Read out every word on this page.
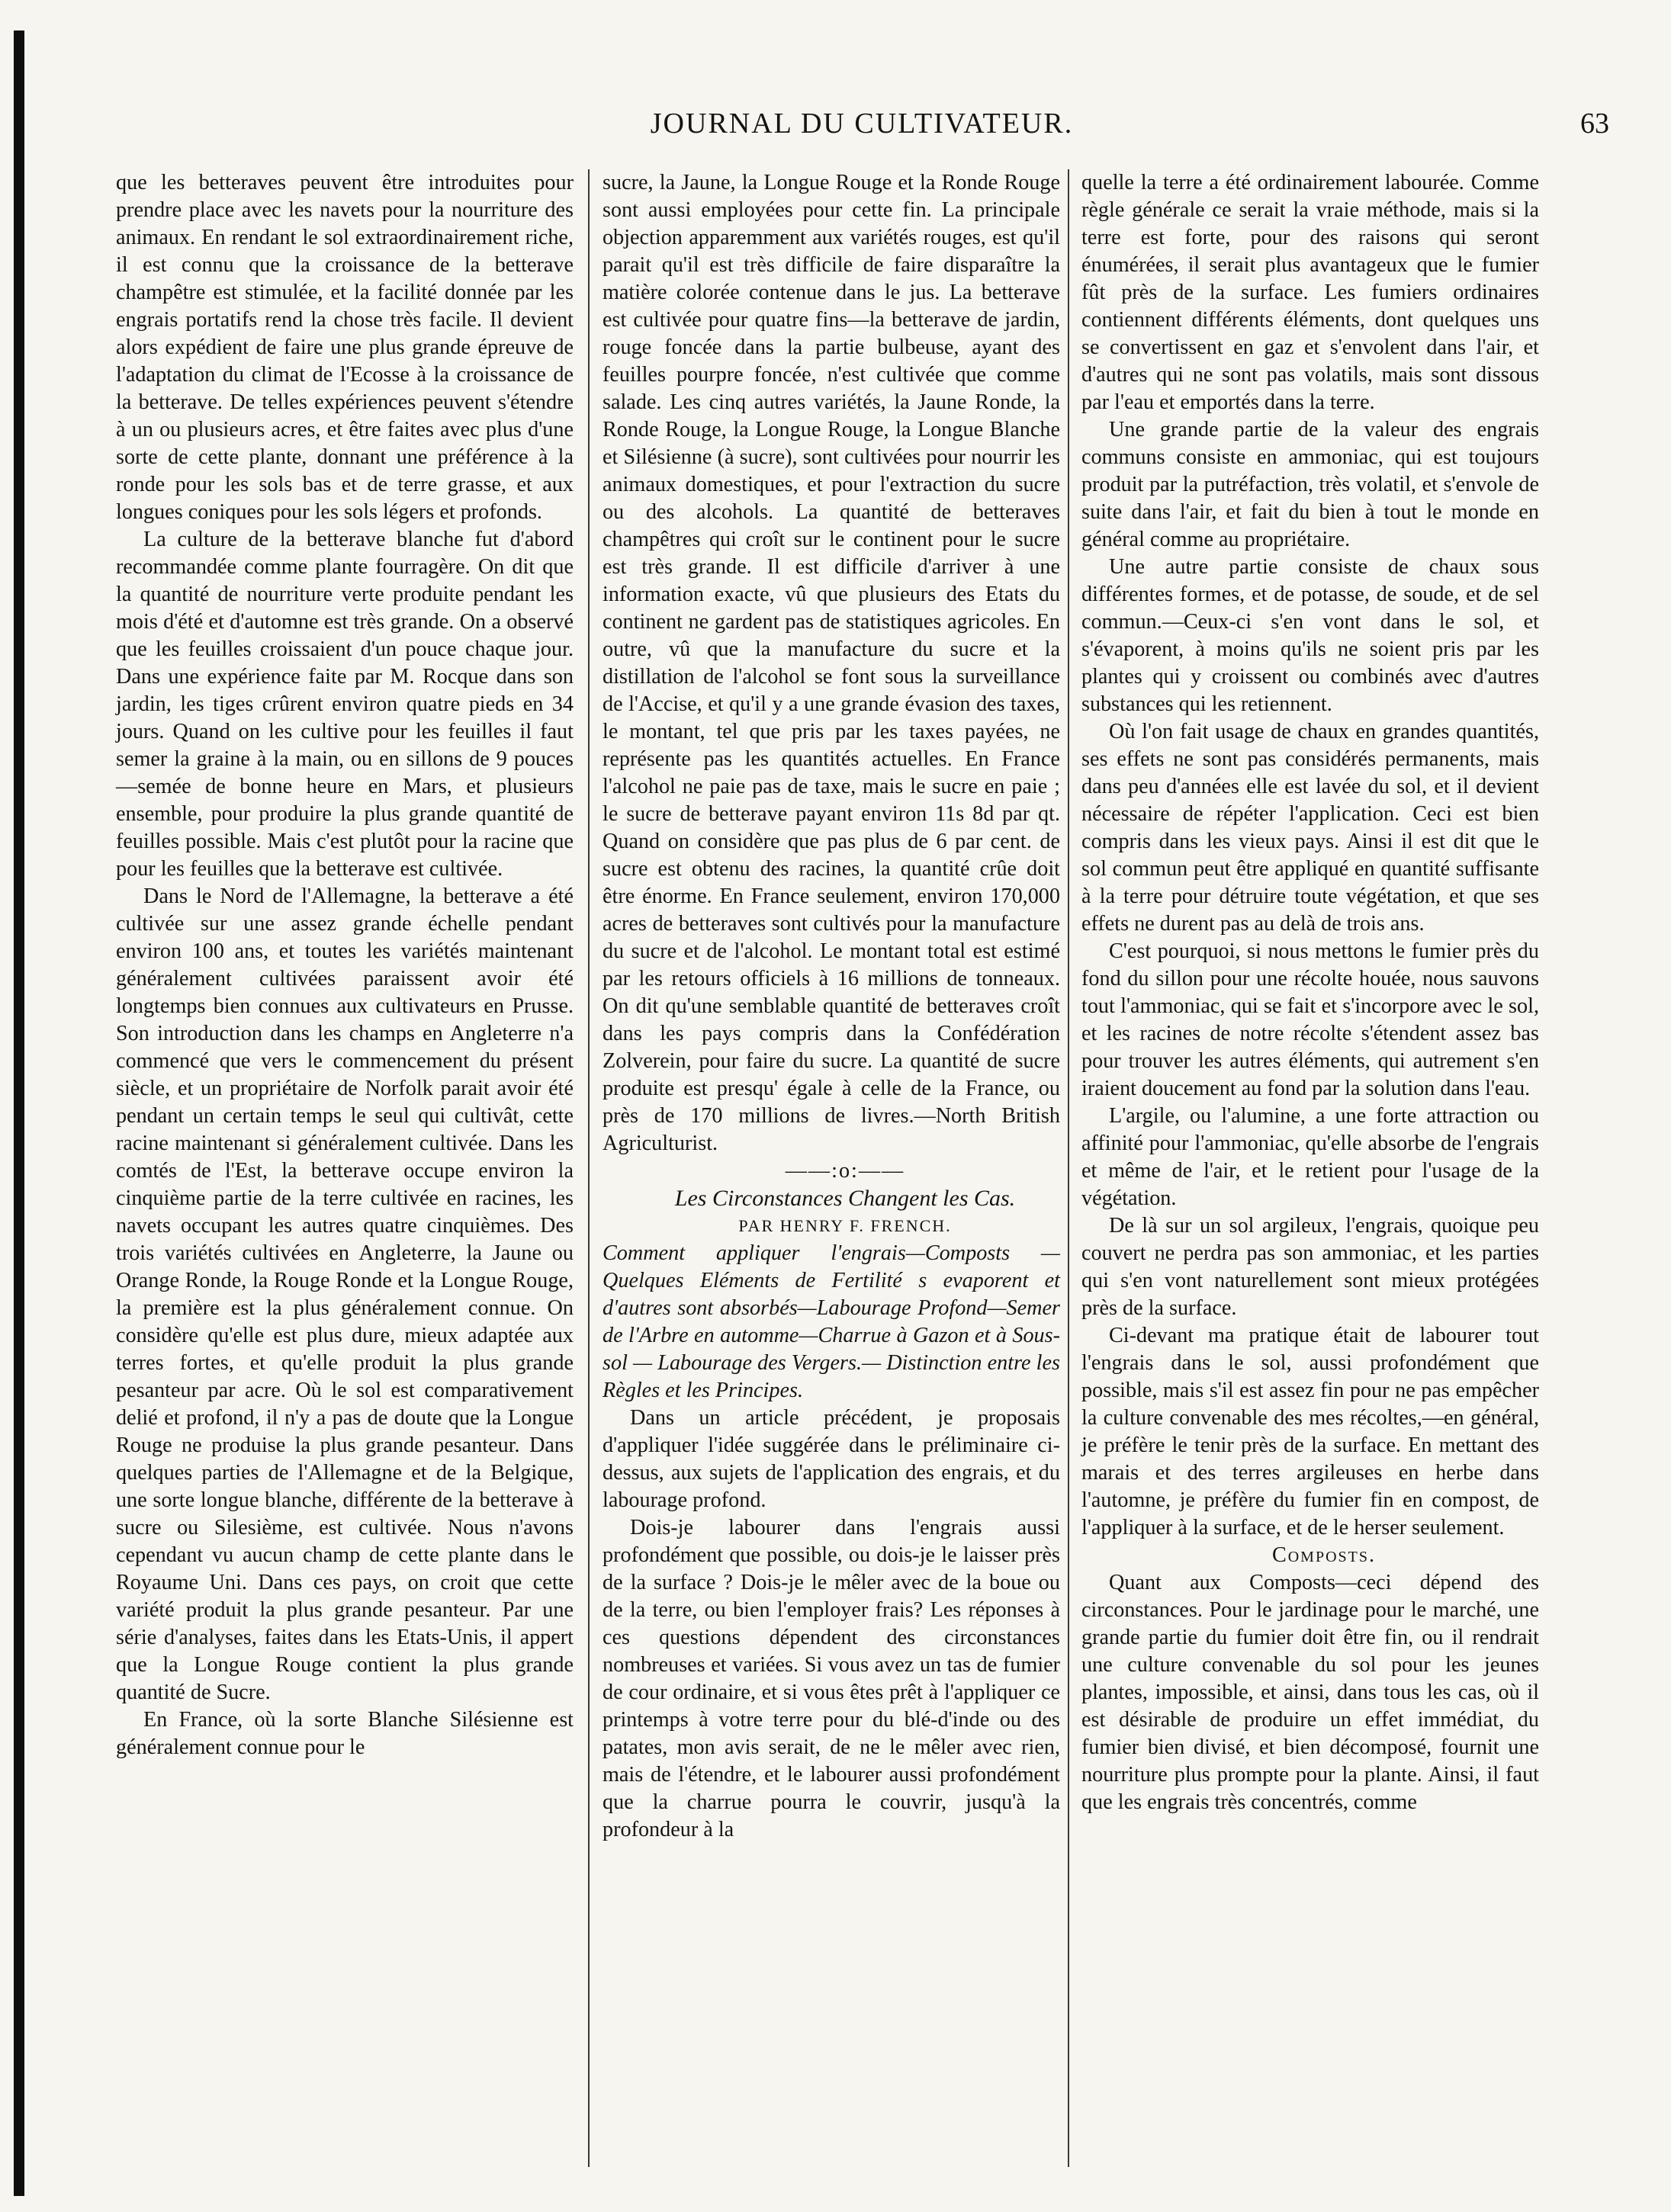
JOURNAL DU CULTIVATEUR.	63

que les betteraves peuvent être introduites pour prendre place avec les navets pour la nourriture des animaux. En rendant le sol extraordinairement riche, il est connu que la croissance de la betterave champêtre est stimulée, et la facilité donnée par les engrais portatifs rend la chose très facile. Il devient alors expédient de faire une plus grande épreuve de l'adaptation du climat de l'Ecosse à la croissance de la betterave. De telles expériences peuvent s'étendre à un ou plusieurs acres, et être faites avec plus d'une sorte de cette plante, donnant une préférence à la ronde pour les sols bas et de terre grasse, et aux longues coniques pour les sols légers et profonds.

La culture de la betterave blanche fut d'abord recommandée comme plante fourragère. On dit que la quantité de nourriture verte produite pendant les mois d'été et d'automne est très grande. On a observé que les feuilles croissaient d'un pouce chaque jour. Dans une expérience faite par M. Rocque dans son jardin, les tiges crûrent environ quatre pieds en 34 jours. Quand on les cultive pour les feuilles il faut semer la graine à la main, ou en sillons de 9 pouces —semée de bonne heure en Mars, et plusieurs ensemble, pour produire la plus grande quantité de feuilles possible. Mais c'est plutôt pour la racine que pour les feuilles que la betterave est cultivée.

Dans le Nord de l'Allemagne, la betterave a été cultivée sur une assez grande échelle pendant environ 100 ans, et toutes les variétés maintenant généralement cultivées paraissent avoir été longtemps bien connues aux cultivateurs en Prusse. Son introduction dans les champs en Angleterre n'a commencé que vers le commencement du présent siècle, et un propriétaire de Norfolk parait avoir été pendant un certain temps le seul qui cultivât, cette racine maintenant si généralement cultivée. Dans les comtés de l'Est, la betterave occupe environ la cinquième partie de la terre cultivée en racines, les navets occupant les autres quatre cinquièmes. Des trois variétés cultivées en Angleterre, la Jaune ou Orange Ronde, la Rouge Ronde et la Longue Rouge, la première est la plus généralement connue. On considère qu'elle est plus dure, mieux adaptée aux terres fortes, et qu'elle produit la plus grande pesanteur par acre. Où le sol est comparativement delié et profond, il n'y a pas de doute que la Longue Rouge ne produise la plus grande pesanteur. Dans quelques parties de l'Allemagne et de la Belgique, une sorte longue blanche, différente de la betterave à sucre ou Silesième, est cultivée. Nous n'avons cependant vu aucun champ de cette plante dans le Royaume Uni. Dans ces pays, on croit que cette variété produit la plus grande pesanteur. Par une série d'analyses, faites dans les Etats-Unis, il appert que la Longue Rouge contient la plus grande quantité de Sucre.

En France, où la sorte Blanche Silésienne est généralement connue pour le

sucre, la Jaune, la Longue Rouge et la Ronde Rouge sont aussi employées pour cette fin. La principale objection apparemment aux variétés rouges, est qu'il parait qu'il est très difficile de faire disparaître la matière colorée contenue dans le jus. La betterave est cultivée pour quatre fins—la betterave de jardin, rouge foncée dans la partie bulbeuse, ayant des feuilles pourpre foncée, n'est cultivée que comme salade. Les cinq autres variétés, la Jaune Ronde, la Ronde Rouge, la Longue Rouge, la Longue Blanche et Silésienne (à sucre), sont cultivées pour nourrir les animaux domestiques, et pour l'extraction du sucre ou des alcohols. La quantité de betteraves champêtres qui croît sur le continent pour le sucre est très grande. Il est difficile d'arriver à une information exacte, vû que plusieurs des Etats du continent ne gardent pas de statistiques agricoles. En outre, vû que la manufacture du sucre et la distillation de l'alcohol se font sous la surveillance de l'Accise, et qu'il y a une grande évasion des taxes, le montant, tel que pris par les taxes payées, ne représente pas les quantités actuelles. En France l'alcohol ne paie pas de taxe, mais le sucre en paie ; le sucre de betterave payant environ 11s 8d par qt. Quand on considère que pas plus de 6 par cent. de sucre est obtenu des racines, la quantité crûe doit être énorme. En France seulement, environ 170,000 acres de betteraves sont cultivés pour la manufacture du sucre et de l'alcohol. Le montant total est estimé par les retours officiels à 16 millions de tonneaux. On dit qu'une semblable quantité de betteraves croît dans les pays compris dans la Confédération Zolverein, pour faire du sucre. La quantité de sucre produite est presqu' égale à celle de la France, ou près de 170 millions de livres.—North British Agriculturist.

——:o:——

Les Circonstances Changent les Cas.

PAR HENRY F. FRENCH.

Comment appliquer l'engrais—Composts —Quelques Eléments de Fertilité s evaporent et d'autres sont absorbés—Labourage Profond—Semer de l'Arbre en automme—Charrue à Gazon et à Sous-sol — Labourage des Vergers.— Distinction entre les Règles et les Principes.

Dans un article précédent, je proposais d'appliquer l'idée suggérée dans le préliminaire ci-dessus, aux sujets de l'application des engrais, et du labourage profond.

Dois-je labourer dans l'engrais aussi profondément que possible, ou dois-je le laisser près de la surface ? Dois-je le mêler avec de la boue ou de la terre, ou bien l'employer frais? Les réponses à ces questions dépendent des circonstances nombreuses et variées. Si vous avez un tas de fumier de cour ordinaire, et si vous êtes prêt à l'appliquer ce printemps à votre terre pour du blé-d'inde ou des patates, mon avis serait, de ne le mêler avec rien, mais de l'étendre, et le labourer aussi profondément que la charrue pourra le couvrir, jusqu'à la profondeur à la

quelle la terre a été ordinairement labourée. Comme règle générale ce serait la vraie méthode, mais si la terre est forte, pour des raisons qui seront énumérées, il serait plus avantageux que le fumier fût près de la surface. Les fumiers ordinaires contiennent différents éléments, dont quelques uns se convertissent en gaz et s'envolent dans l'air, et d'autres qui ne sont pas volatils, mais sont dissous par l'eau et emportés dans la terre.

Une grande partie de la valeur des engrais communs consiste en ammoniac, qui est toujours produit par la putréfaction, très volatil, et s'envole de suite dans l'air, et fait du bien à tout le monde en général comme au propriétaire.

Une autre partie consiste de chaux sous différentes formes, et de potasse, de soude, et de sel commun.—Ceux-ci s'en vont dans le sol, et s'évaporent, à moins qu'ils ne soient pris par les plantes qui y croissent ou combinés avec d'autres substances qui les retiennent.

Où l'on fait usage de chaux en grandes quantités, ses effets ne sont pas considérés permanents, mais dans peu d'années elle est lavée du sol, et il devient nécessaire de répéter l'application. Ceci est bien compris dans les vieux pays. Ainsi il est dit que le sol commun peut être appliqué en quantité suffisante à la terre pour détruire toute végétation, et que ses effets ne durent pas au delà de trois ans.

C'est pourquoi, si nous mettons le fumier près du fond du sillon pour une récolte houée, nous sauvons tout l'ammoniac, qui se fait et s'incorpore avec le sol, et les racines de notre récolte s'étendent assez bas pour trouver les autres éléments, qui autrement s'en iraient doucement au fond par la solution dans l'eau.

L'argile, ou l'alumine, a une forte attraction ou affinité pour l'ammoniac, qu'elle absorbe de l'engrais et même de l'air, et le retient pour l'usage de la végétation.

De là sur un sol argileux, l'engrais, quoique peu couvert ne perdra pas son ammoniac, et les parties qui s'en vont naturellement sont mieux protégées près de la surface.

Ci-devant ma pratique était de labourer tout l'engrais dans le sol, aussi profondément que possible, mais s'il est assez fin pour ne pas empêcher la culture convenable des mes récoltes,—en général, je préfère le tenir près de la surface. En mettant des marais et des terres argileuses en herbe dans l'automne, je préfère du fumier fin en compost, de l'appliquer à la surface, et de le herser seulement.

Composts.

Quant aux Composts—ceci dépend des circonstances. Pour le jardinage pour le marché, une grande partie du fumier doit être fin, ou il rendrait une culture convenable du sol pour les jeunes plantes, impossible, et ainsi, dans tous les cas, où il est désirable de produire un effet immédiat, du fumier bien divisé, et bien décomposé, fournit une nourriture plus prompte pour la plante. Ainsi, il faut que les engrais très concentrés, comme
